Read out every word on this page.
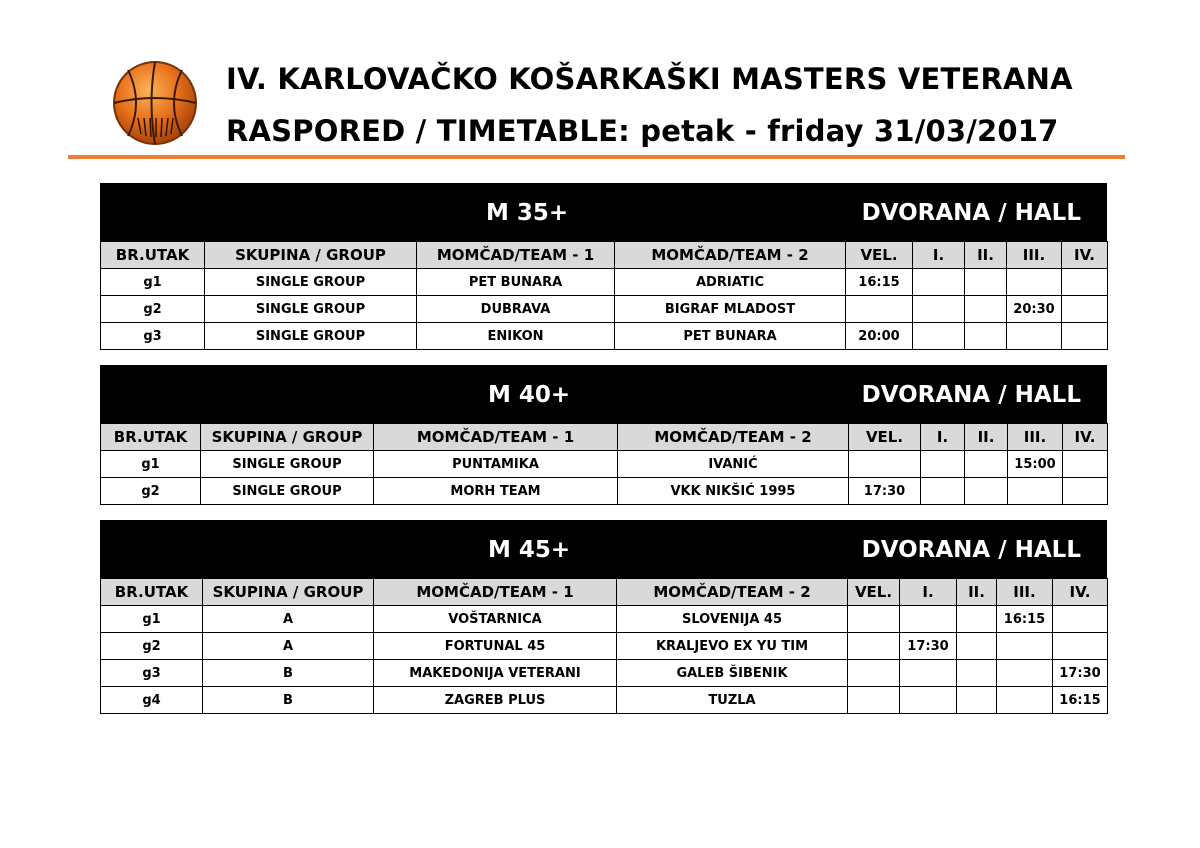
IV. KARLOVAČKO KOŠARKAŠKI MASTERS VETERANA
RASPORED / TIMETABLE: petak - friday 31/03/2017
M 35+	DVORANA / HALL
BR.UTAK	SKUPINA / GROUP	MOMČAD/TEAM - 1	MOMČAD/TEAM - 2	VEL.	I.	II.	III.	IV.
g1	SINGLE GROUP	PET BUNARA	ADRIATIC	16:15				
g2	SINGLE GROUP	DUBRAVA	BIGRAF MLADOST				20:30	
g3	SINGLE GROUP	ENIKON	PET BUNARA	20:00				
M 40+	DVORANA / HALL
BR.UTAK	SKUPINA / GROUP	MOMČAD/TEAM - 1	MOMČAD/TEAM - 2	VEL.	I.	II.	III.	IV.
g1	SINGLE GROUP	PUNTAMIKA	IVANIĆ				15:00	
g2	SINGLE GROUP	MORH TEAM	VKK NIKŠIĆ 1995	17:30				
M 45+	DVORANA / HALL
BR.UTAK	SKUPINA / GROUP	MOMČAD/TEAM - 1	MOMČAD/TEAM - 2	VEL.	I.	II.	III.	IV.
g1	A	VOŠTARNICA	SLOVENIJA 45				16:15	
g2	A	FORTUNAL 45	KRALJEVO EX YU TIM		17:30			
g3	B	MAKEDONIJA VETERANI	GALEB ŠIBENIK					17:30
g4	B	ZAGREB PLUS	TUZLA					16:15
